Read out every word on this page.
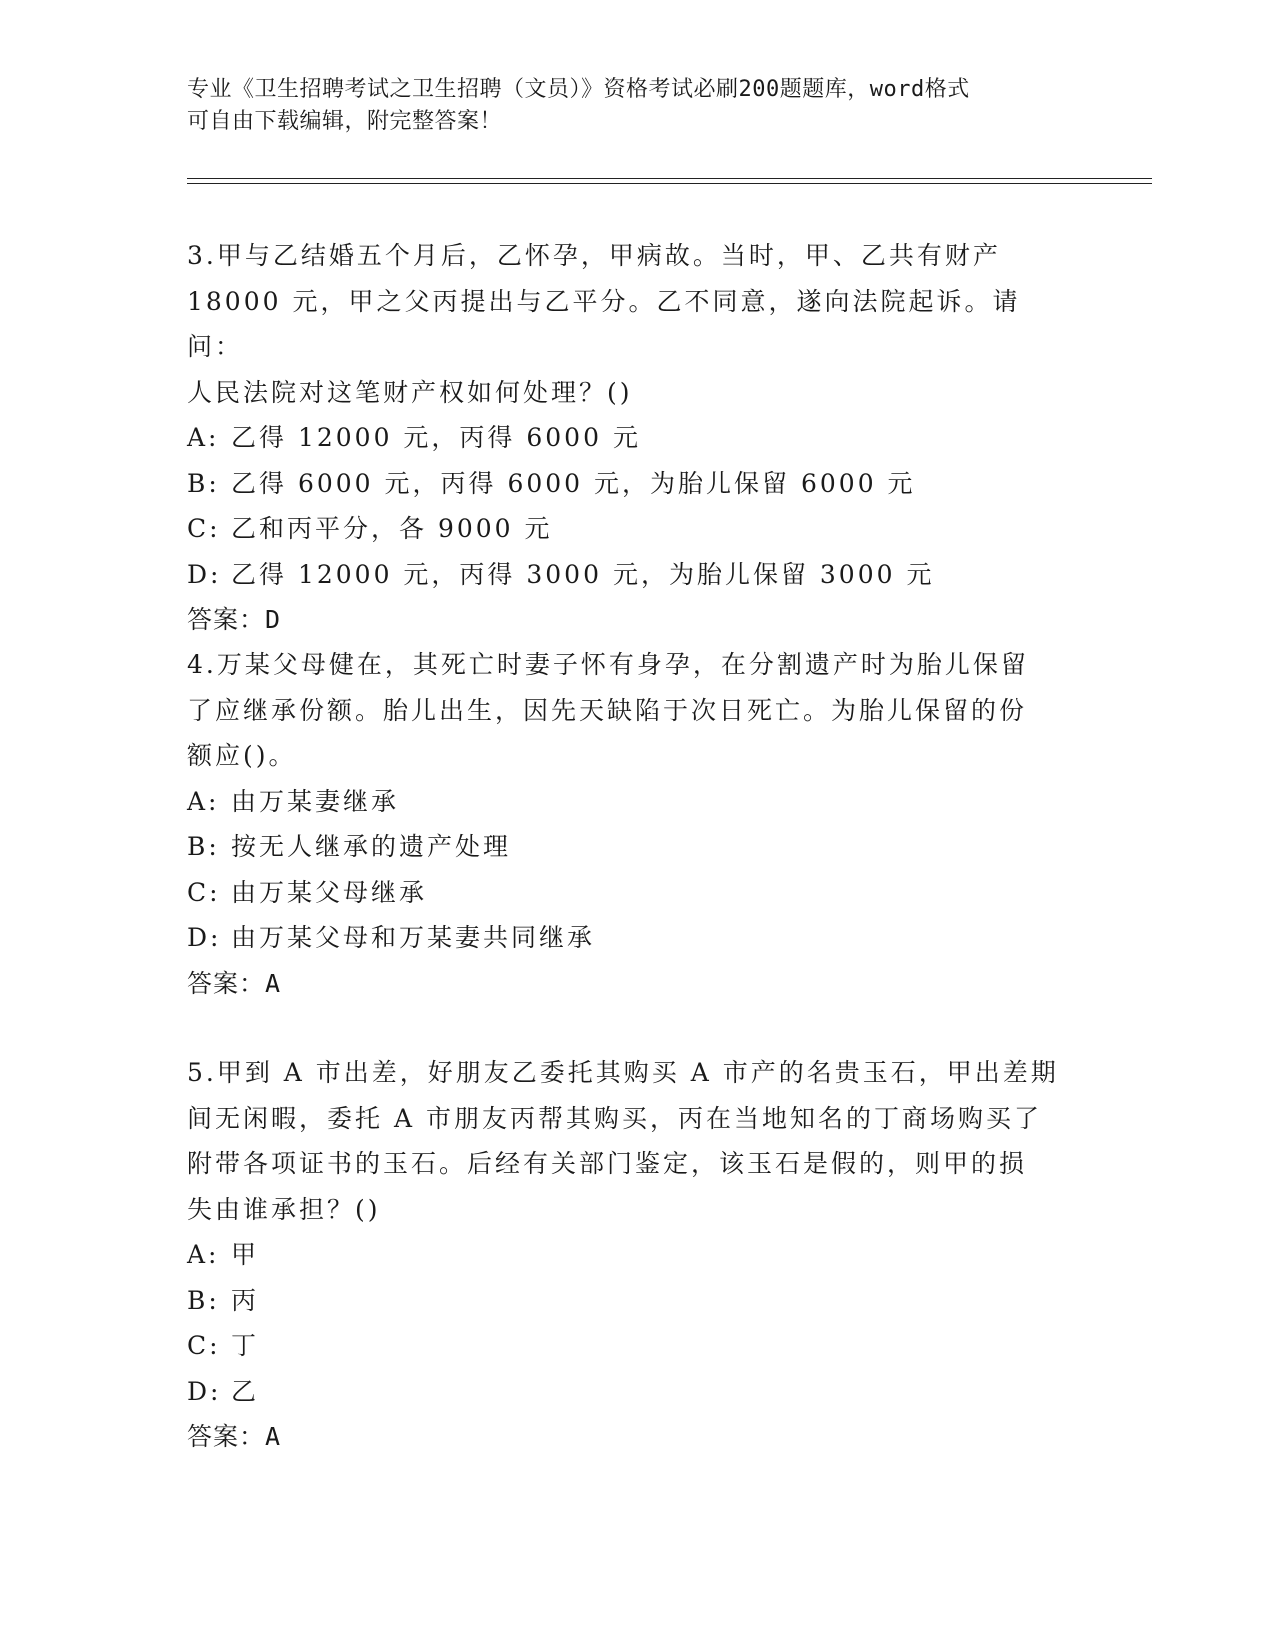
专业《卫生招聘考试之卫生招聘（文员）》资格考试必刷200题题库，word格式
可自由下载编辑，附完整答案！
3.甲与乙结婚五个月后，乙怀孕，甲病故。当时，甲、乙共有财产
18000 元，甲之父丙提出与乙平分。乙不同意，遂向法院起诉。请问：
人民法院对这笔财产权如何处理？()
A: 乙得 12000 元，丙得 6000 元
B: 乙得 6000 元，丙得 6000 元，为胎儿保留 6000 元
C: 乙和丙平分，各 9000 元
D: 乙得 12000 元，丙得 3000 元，为胎儿保留 3000 元
答案：D
4.万某父母健在，其死亡时妻子怀有身孕，在分割遗产时为胎儿保留
了应继承份额。胎儿出生，因先天缺陷于次日死亡。为胎儿保留的份
额应()。
A: 由万某妻继承
B: 按无人继承的遗产处理
C: 由万某父母继承
D: 由万某父母和万某妻共同继承
答案：A
5.甲到 A 市出差，好朋友乙委托其购买 A 市产的名贵玉石，甲出差期
间无闲暇，委托 A 市朋友丙帮其购买，丙在当地知名的丁商场购买了
附带各项证书的玉石。后经有关部门鉴定，该玉石是假的，则甲的损
失由谁承担？()
A: 甲
B: 丙
C: 丁
D: 乙
答案：A
